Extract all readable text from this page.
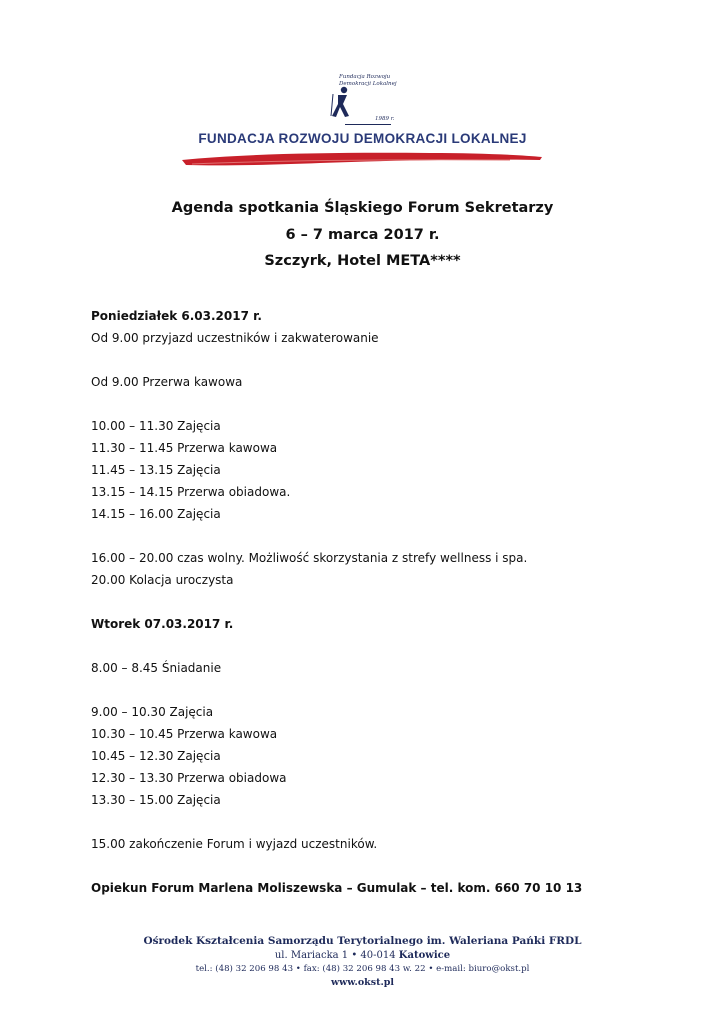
Fundacja Rozwoju
Demokracji Lokalnej
1989 r.
FUNDACJA ROZWOJU DEMOKRACJI LOKALNEJ
Agenda spotkania Śląskiego Forum Sekretarzy
6 – 7 marca 2017 r.
Szczyrk, Hotel META****
Poniedziałek 6.03.2017 r.
Od 9.00 przyjazd uczestników i zakwaterowanie
Od 9.00 Przerwa kawowa
10.00 – 11.30 Zajęcia
11.30 – 11.45 Przerwa kawowa
11.45 – 13.15 Zajęcia
13.15 – 14.15 Przerwa obiadowa.
14.15 – 16.00 Zajęcia
16.00 – 20.00 czas wolny. Możliwość skorzystania z strefy wellness i spa.
20.00 Kolacja uroczysta
Wtorek 07.03.2017 r.
8.00 – 8.45 Śniadanie
9.00 – 10.30 Zajęcia
10.30 – 10.45 Przerwa kawowa
10.45 – 12.30 Zajęcia
12.30 – 13.30 Przerwa obiadowa
13.30 – 15.00 Zajęcia
15.00 zakończenie Forum i wyjazd uczestników.
Opiekun Forum Marlena Moliszewska – Gumulak – tel. kom. 660 70 10 13
Ośrodek Kształcenia Samorządu Terytorialnego im. Waleriana Pańki FRDL
ul. Mariacka 1 • 40-014 Katowice
tel.: (48) 32 206 98 43 • fax: (48) 32 206 98 43 w. 22 • e-mail: biuro@okst.pl
www.okst.pl
